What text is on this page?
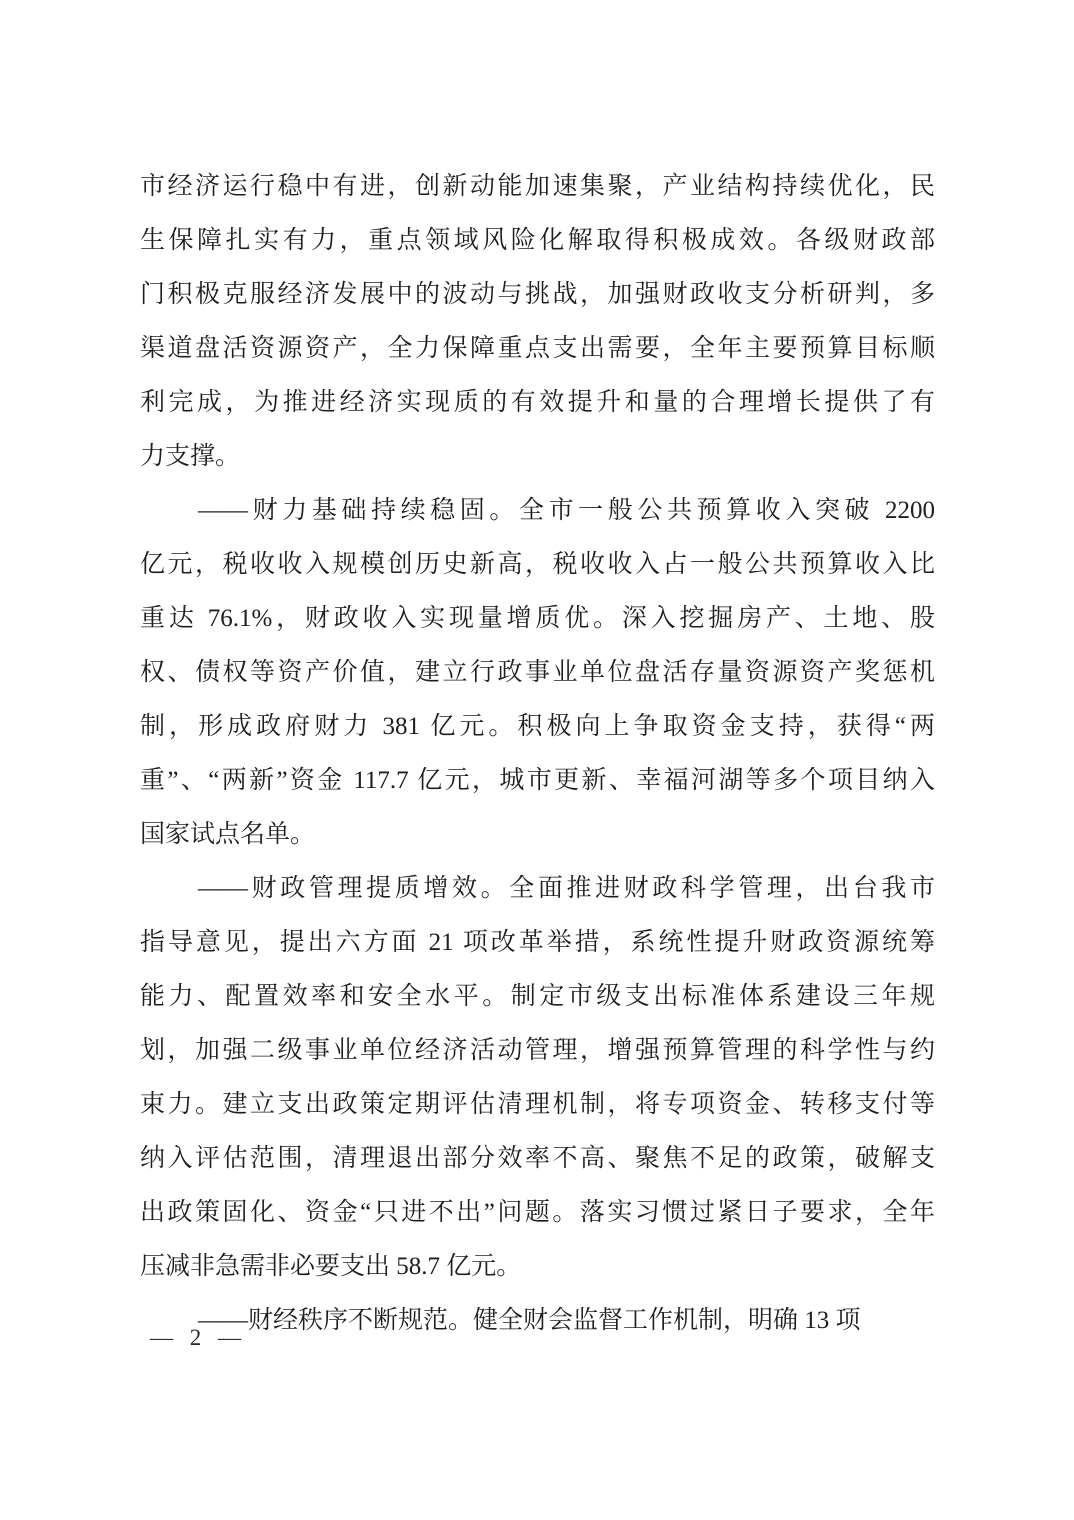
市经济运行稳中有进，创新动能加速集聚，产业结构持续优化，民
生保障扎实有力，重点领域风险化解取得积极成效。各级财政部
门积极克服经济发展中的波动与挑战，加强财政收支分析研判，多
渠道盘活资源资产，全力保障重点支出需要，全年主要预算目标顺
利完成，为推进经济实现质的有效提升和量的合理增长提供了有
力支撑。

——财力基础持续稳固。全市一般公共预算收入突破 2200
亿元，税收收入规模创历史新高，税收收入占一般公共预算收入比
重达 76.1%，财政收入实现量增质优。深入挖掘房产、土地、股
权、债权等资产价值，建立行政事业单位盘活存量资源资产奖惩机
制，形成政府财力 381 亿元。积极向上争取资金支持，获得“两
重”、“两新”资金 117.7 亿元，城市更新、幸福河湖等多个项目纳入
国家试点名单。

——财政管理提质增效。全面推进财政科学管理，出台我市
指导意见，提出六方面 21 项改革举措，系统性提升财政资源统筹
能力、配置效率和安全水平。制定市级支出标准体系建设三年规
划，加强二级事业单位经济活动管理，增强预算管理的科学性与约
束力。建立支出政策定期评估清理机制，将专项资金、转移支付等
纳入评估范围，清理退出部分效率不高、聚焦不足的政策，破解支
出政策固化、资金“只进不出”问题。落实习惯过紧日子要求，全年
压减非急需非必要支出 58.7 亿元。

——财经秩序不断规范。健全财会监督工作机制，明确 13 项

— 2 —
